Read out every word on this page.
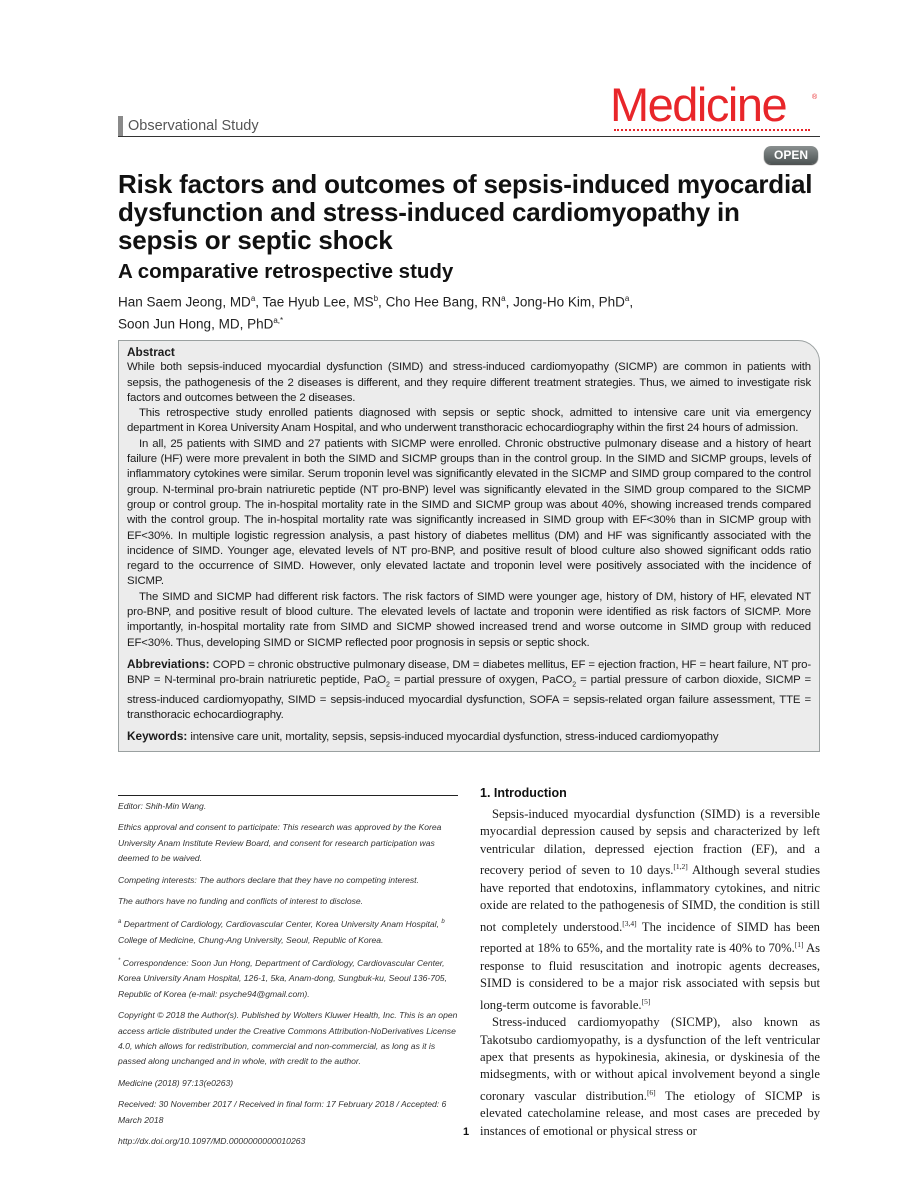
Observational Study	Medicine	®
OPEN
Risk factors and outcomes of sepsis-induced myocardial dysfunction and stress-induced cardiomyopathy in sepsis or septic shock
A comparative retrospective study
Han Saem Jeong, $MD^a$, Tae Hyub Lee, $MS^b$, Cho Hee Bang, $RN^a$, Jong-Ho Kim, PhD$^a$,
Soon Jun Hong, MD, PhD$^{a,*}$
Abstract

While both sepsis-induced myocardial dysfunction (SIMD) and stress-induced cardiomyopathy (SICMP) are common in patients with sepsis, the pathogenesis of the 2 diseases is different, and they require different treatment strategies. Thus, we aimed to investigate risk factors and outcomes between the 2 diseases.

This retrospective study enrolled patients diagnosed with sepsis or septic shock, admitted to intensive care unit via emergency department in Korea University Anam Hospital, and who underwent transthoracic echocardiography within the first 24 hours of admission.

In all, 25 patients with SIMD and 27 patients with SICMP were enrolled. Chronic obstructive pulmonary disease and a history of heart failure (HF) were more prevalent in both the SIMD and SICMP groups than in the control group. In the SIMD and SICMP groups, levels of inflammatory cytokines were similar. Serum troponin level was significantly elevated in the SICMP and SIMD group compared to the control group. N-terminal pro-brain natriuretic peptide (NT pro-BNP) level was significantly elevated in the SIMD group compared to the SICMP group or control group. The in-hospital mortality rate in the SIMD and SICMP group was about 40%, showing increased trends compared with the control group. The in-hospital mortality rate was significantly increased in SIMD group with EF<30% than in SICMP group with EF<30%. In multiple logistic regression analysis, a past history of diabetes mellitus (DM) and HF was significantly associated with the incidence of SIMD. Younger age, elevated levels of NT pro-BNP, and positive result of blood culture also showed significant odds ratio regard to the occurrence of SIMD. However, only elevated lactate and troponin level were positively associated with the incidence of SICMP.

The SIMD and SICMP had different risk factors. The risk factors of SIMD were younger age, history of DM, history of HF, elevated NT pro-BNP, and positive result of blood culture. The elevated levels of lactate and troponin were identified as risk factors of SICMP. More importantly, in-hospital mortality rate from SIMD and SICMP showed increased trend and worse outcome in SIMD group with reduced EF<30%. Thus, developing SIMD or SICMP reflected poor prognosis in sepsis or septic shock.

Abbreviations: COPD = chronic obstructive pulmonary disease, DM = diabetes mellitus, EF = ejection fraction, HF = heart failure, NT pro-BNP = N-terminal pro-brain natriuretic peptide, PaO$_2$ = partial pressure of oxygen, PaCO$_2$ = partial pressure of carbon dioxide, SICMP = stress-induced cardiomyopathy, SIMD = sepsis-induced myocardial dysfunction, SOFA = sepsis-related organ failure assessment, TTE = transthoracic echocardiography.
Keywords: intensive care unit, mortality, sepsis, sepsis-induced myocardial dysfunction, stress-induced cardiomyopathy

Editor: Shih-Min Wang.

Ethics approval and consent to participate: This research was approved by the Korea University Anam Institute Review Board, and consent for research participation was deemed to be waived.

Competing interests: The authors declare that they have no competing interest.

The authors have no funding and conflicts of interest to disclose.

$^a$ Department of Cardiology, Cardiovascular Center, Korea University Anam Hospital, $^b$ College of Medicine, Chung-Ang University, Seoul, Republic of Korea.

* Correspondence: Soon Jun Hong, Department of Cardiology, Cardiovascular Center, Korea University Anam Hospital, 126-1, 5ka, Anam-dong, Sungbuk-ku, Seoul 136-705, Republic of Korea (e-mail: psyche94@gmail.com).

Copyright © 2018 the Author(s). Published by Wolters Kluwer Health, Inc. This is an open access article distributed under the Creative Commons Attribution-NoDerivatives License 4.0, which allows for redistribution, commercial and non-commercial, as long as it is passed along unchanged and in whole, with credit to the author.

Medicine (2018) 97:13(e0263)

Received: 30 November 2017 / Received in final form: 17 February 2018 / Accepted: 6 March 2018

http://dx.doi.org/10.1097/MD.0000000000010263

1. Introduction

Sepsis-induced myocardial dysfunction (SIMD) is a reversible myocardial depression caused by sepsis and characterized by left ventricular dilation, depressed ejection fraction (EF), and a recovery period of seven to 10 days.[1,2] Although several studies have reported that endotoxins, inflammatory cytokines, and nitric oxide are related to the pathogenesis of SIMD, the condition is still not completely understood.[3,4] The incidence of SIMD has been reported at 18% to 65%, and the mortality rate is 40% to 70%.[1] As response to fluid resuscitation and inotropic agents decreases, SIMD is considered to be a major risk associated with sepsis but long-term outcome is favorable.[5]

Stress-induced cardiomyopathy (SICMP), also known as Takotsubo cardiomyopathy, is a dysfunction of the left ventricular apex that presents as hypokinesia, akinesia, or dyskinesia of the midsegments, with or without apical involvement beyond a single coronary vascular distribution.[6] The etiology of SICMP is elevated catecholamine release, and most cases are preceded by instances of emotional or physical stress or

1
